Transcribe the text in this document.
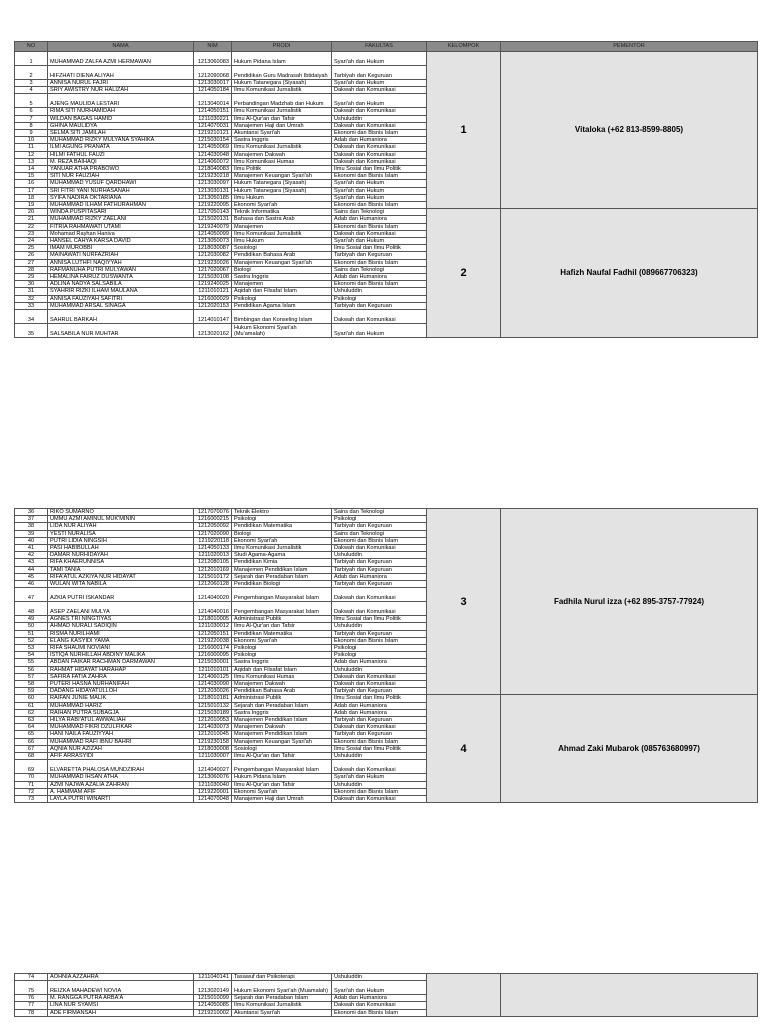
NO	NAMA	NIM	PRODI	FAKULTAS	KELOMPOK	PEMENTOR
1	MUHAMMAD ZALFA AZMI HERMAWAN	1213060083	Hukum Pidana Islam	Syari'ah dan Hukum	1	Vitaloka (+62 813-8599-8805)
2	HIFZHATI DIENA ALIYAH	1212090068	Pendidikan Guru Madrasah Ibtidaiyah	Tarbiyah dan Keguruan		
3	ANNISA NURUL FAJRI	1213030017	Hukum Tatanegara (Siyasah)	Syari'ah dan Hukum		
4	SRIY AWISTRY NUR HALIZAH	1214050184	Ilmu Komunikasi Jurnalistik	Dakwah dan Komunikasi		
5	AJENG MAULIDA LESTARI	1213040014	Perbandingan Madzhab dan Hukum	Syari'ah dan Hukum		
6	RIMA SITI NURHAMIDAH	1214050151	Ilmu Komunikasi Jurnalistik	Dakwah dan Komunikasi		
7	WILDAN BAGAS HAMID	1211030221	Ilmu Al-Qur'an dan Tafsir	Ushuluddin		
8	GHINA MAULIDYA	1214070031	Manajemen Haji dan Umrah	Dakwah dan Komunikasi		
9	SELMA SITI JAMILAH	1219210121	Akuntansi Syari'ah	Ekonomi dan Bisnis Islam		
10	MUHAMMAD RIZKY MULYANA SYAHIKA	1215030154	Sastra Inggris	Adab dan Humaniora		
11	ILMI AGUNG PRANATA	1214050069	Ilmu Komunikasi Jurnalistik	Dakwah dan Komunikasi		
12	HILMI FATHUL FAUZI	1214030048	Manajemen Dakwah	Dakwah dan Komunikasi		
13	M. REZA BAIHAQI	1214060072	Ilmu Komunikasi Humas	Dakwah dan Komunikasi		
14	YANUAR ATHA PRABOWO	1218040083	Ilmu Politik	Ilmu Sosial dan Ilmu Politik		
15	SITI NUR FAUZIAH	1219230218	Manajemen Keuangan Syari'ah	Ekonomi dan Bisnis Islam		
16	MUHAMMAD YUSUF QARDHAWI	1213030097	Hukum Tatanegara (Siyasah)	Syari'ah dan Hukum		
17	SRI FITRI YANI NURHASANAH	1213030131	Hukum Tatanegara (Siyasah)	Syari'ah dan Hukum		
18	SYIFA NADIRA OKTARIANA	1213050185	Ilmu Hukum	Syari'ah dan Hukum		
19	MUHAMMAD ILHAM FATHURAHMAN	1219220095	Ekonomi Syari'ah	Ekonomi dan Bisnis Islam		
20	WINDA PUSPITASARI	1217050143	Teknik Informatika	Sains dan Teknologi	2	Hafizh Naufal Fadhil (089667706323)
21	MUHAMMAD RIZKY ZAELANI	1215020131	Bahasa dan Sastra Arab	Adab dan Humaniora		
22	FITRIA RAHMAWATI UTAMI	1219240079	Manajemen	Ekonomi dan Bisnis Islam		
23	Mohamad Rayhan Haniva	1214050099	Ilmu Komunikasi Jurnalistik	Dakwah dan Komunikasi		
24	HANSEL CAHYA KARSA DAVID	1213050073	Ilmu Hukum	Syari'ah dan Hukum		
25	IMAM MUROBBI	1218030087	Sosiologi	Ilmu Sosial dan Ilmu Politik		
26	MAINAWATI NURFAZRIAH	1212030082	Pendidikan Bahasa Arab	Tarbiyah dan Keguruan		
27	ANNISA LUTHFI NAQIYYAH	1219230026	Manajemen Keuangan Syari'ah	Ekonomi dan Bisnis Islam		
28	RAFMANUHA PUTRI MULYAWAN	1217020067	Biologi	Sains dan Teknologi		
29	HEMALINA FAIRUZ DUSWANTA	1215030108	Sastra Inggris	Adab dan Humaniora		
30	ADLINA NADYA SALSABILA	1219240025	Manajemen	Ekonomi dan Bisnis Islam		
31	SYAHRIR RIZKI ILHAM MAULANA	1211010121	Aqidah dan Filsafat Islam	Ushuluddin		
32	ANNISA FAUZIYAH SAFITRI	1216000029	Psikologi	Psikologi		
33	MUHAMMAD ARSAL SINAGA	1212020153	Pendidikan Agama Islam	Tarbiyah dan Keguruan		
34	SAHRUL BARKAH	1214010147	Bimbingan dan Konseling Islam	Dakwah dan Komunikasi		
35	SALSABILA NUR MUHTAR	1213020162	Hukum Ekonomi Syari'ah (Mu'amalah)	Syari'ah dan Hukum		
36	RIKO SUMARNO	1217070076	Teknik Elektro	Sains dan Teknologi	3	Fadhila Nurul izza (+62 895-3757-77924)
37	UMMU AZMI AMINUL MUK'MININ	1216000215	Psikologi	Psikologi		
38	LIDA NUR ALIYAH	1212050092	Pendidikan Matematika	Tarbiyah dan Keguruan		
39	YESTI NURALISA	1217020090	Biologi	Sains dan Teknologi		
40	PUTRI LIDIA NINGSIH	1219220118	Ekonomi Syari'ah	Ekonomi dan Bisnis Islam		
41	PASI HABIBULLAH	1214050133	Ilmu Komunikasi Jurnalistik	Dakwah dan Komunikasi		
42	DAMAR NURHIDAYAH	1211020013	Studi Agama-Agama	Ushuluddin		
43	RIFA KHAERUNNISA	1212080105	Pendidikan Kimia	Tarbiyah dan Keguruan		
44	TAMI TANIA	1212010169	Manajemen Pendidikan Islam	Tarbiyah dan Keguruan		
45	RIFA'ATUL AZKIYA NUR HIDAYAT	1215010172	Sejarah dan Peradaban Islam	Adab dan Humaniora		
46	WULAN WITA NABILA	1212060128	Pendidikan Biologi	Tarbiyah dan Keguruan		
47	AZKIA PUTRI ISKANDAR	1214040020	Pengembangan Masyarakat Islam	Dakwah dan Komunikasi		
48	ASEP ZAELANI MULYA	1214040016	Pengembangan Masyarakat Islam	Dakwah dan Komunikasi		
49	AGNES TRI NINGTIYAS	1218010005	Administrasi Publik	Ilmu Sosial dan Ilmu Politik		
50	AHMAD NURALI SADIQIN	1211030012	Ilmu Al-Qur'an dan Tafsir	Ushuluddin		
51	RISMA NURILHAMI	1212050151	Pendidikan Matematika	Tarbiyah dan Keguruan		
52	ELANG KASYIDI YAMA	1219220038	Ekonomi Syari'ah	Ekonomi dan Bisnis Islam		
53	RIFA SHAUMI NOVIANI	1216000174	Psikologi	Psikologi		
54	ISTIQA NURHILLAH ABDINY MALIKA	1216000095	Psikologi	Psikologi		
55	ABDAN FAIKAR RACHMAN DARMAWAN	1215030001	Sastra Inggris	Adab dan Humaniora		
56	RAHMAT HIDAYAT HARAHAP	1211010101	Aqidah dan Filsafat Islam	Ushuluddin		
57	SAFIRA FATIA ZAHRA	1214060125	Ilmu Komunikasi Humas	Dakwah dan Komunikasi		
58	PUTERI HASNA NURHANIFAH	1214030090	Manajemen Dakwah	Dakwah dan Komunikasi		
59	DADANG HIDAYATULLOH	1212030026	Pendidikan Bahasa Arab	Tarbiyah dan Keguruan		
60	RAIFAN JUNIE MALIK	1218010181	Administrasi Publik	Ilmu Sosial dan Ilmu Politik	4	Ahmad Zaki Mubarok (085763680997)
61	MUHAMMAD HARIZ	1215010132	Sejarah dan Peradaban Islam	Adab dan Humaniora		
62	RAIHAN PUTRA SUBAGJA	1215030189	Sastra Inggris	Adab dan Humaniora		
63	HILYA RABI'ATUL AWWALIAH	1212010053	Manajemen Pendidikan Islam	Tarbiyah dan Keguruan		
64	MUHAMMAD FIKRI DZULFIKAR	1214030073	Manajemen Dakwah	Dakwah dan Komunikasi		
65	HANI NAILA FAUZIYYAH	1212010045	Manajemen Pendidikan Islam	Tarbiyah dan Keguruan		
66	MUHAMMAD RAFI IBNU BAHRI	1219230158	Manajemen Keuangan Syari'ah	Ekonomi dan Bisnis Islam		
67	AQNIA NUR AZIZAH	1218030008	Sosiologi	Ilmu Sosial dan Ilmu Politik		
68	AFIF ARRASYIDI	1211030007	Ilmu Al-Qur'an dan Tafsir	Ushuluddin		
69	ELVARETTA PHALOSA MUNDZIRAH	1214040027	Pengembangan Masyarakat Islam	Dakwah dan Komunikasi		
70	MUHAMMAD IHSAN ATHA	1213060076	Hukum Pidana Islam	Syari'ah dan Hukum		
71	AZMI NAJWA AZALIA ZAHRAN	1211030040	Ilmu Al-Qur'an dan Tafsir	Ushuluddin		
72	A. HAMMAM AFIF	1219220001	Ekonomi Syari'ah	Ekonomi dan Bisnis Islam		
73	LAYLA PUTRI WINARTI	1214070048	Manajemen Haji dan Umrah	Dakwah dan Komunikasi		
74	AOHNIA AZZAHRA	1211040141	Tasawuf dan Psikoterapi	Ushuluddin		
75	REIZKA MAHADEWI NOVIA	1213020149	Hukum Ekonomi Syari'ah (Muamalah)	Syari'ah dan Hukum		
76	M. RANGGA PUTRA ARBA'A	1215010099	Sejarah dan Peradaban Islam	Adab dan Humaniora		
77	LINA NUR SYAMSI	1214050085	Ilmu Komunikasi Jurnalistik	Dakwah dan Komunikasi		
78	ADE FIRMANSAH	1219210002	Akuntansi Syari'ah	Ekonomi dan Bisnis Islam		
